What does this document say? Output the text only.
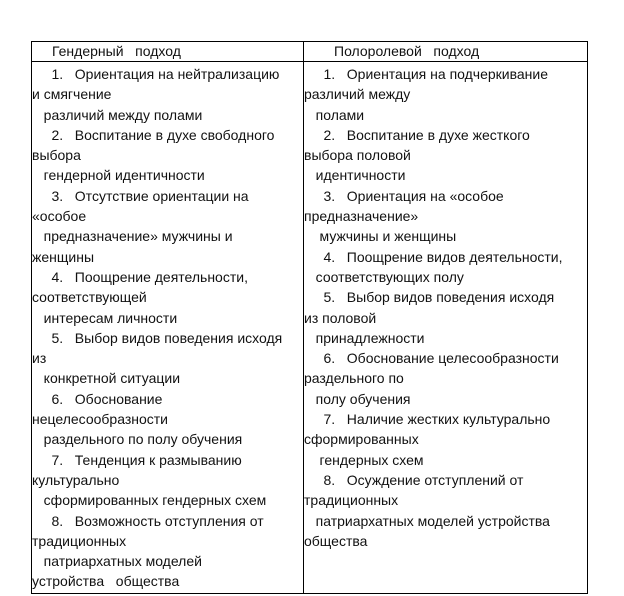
Гендерный   подход	Полоролевой   подход
1.   Ориентация на нейтрализацию
и смягчение
различий между полами
2.   Воспитание в духе свободного
выбора
гендерной идентичности
3.   Отсутствие ориентации на
«особое
предназначение» мужчины и
женщины
4.   Поощрение деятельности,
соответствующей
интересам личности
5.   Выбор видов поведения исходя
из
конкретной ситуации
6.   Обоснование
нецелесообразности
раздельного по полу обучения
7.   Тенденция к размыванию
культурально
сформированных гендерных схем
8.   Возможность отступления от
традиционных
патриархатных моделей
устройства   общества
1.   Ориентация на подчеркивание
различий между
полами
2.   Воспитание в духе жесткого
выбора половой
идентичности
3.   Ориентация на «особое
предназначение»
мужчины и женщины
4.   Поощрение видов деятельности,
соответствующих полу
5.   Выбор видов поведения исходя
из половой
принадлежности
6.   Обоснование целесообразности
раздельного по
полу обучения
7.   Наличие жестких культурально
сформированных
гендерных схем
8.   Осуждение отступлений от
традиционных
патриархатных моделей устройства
общества
